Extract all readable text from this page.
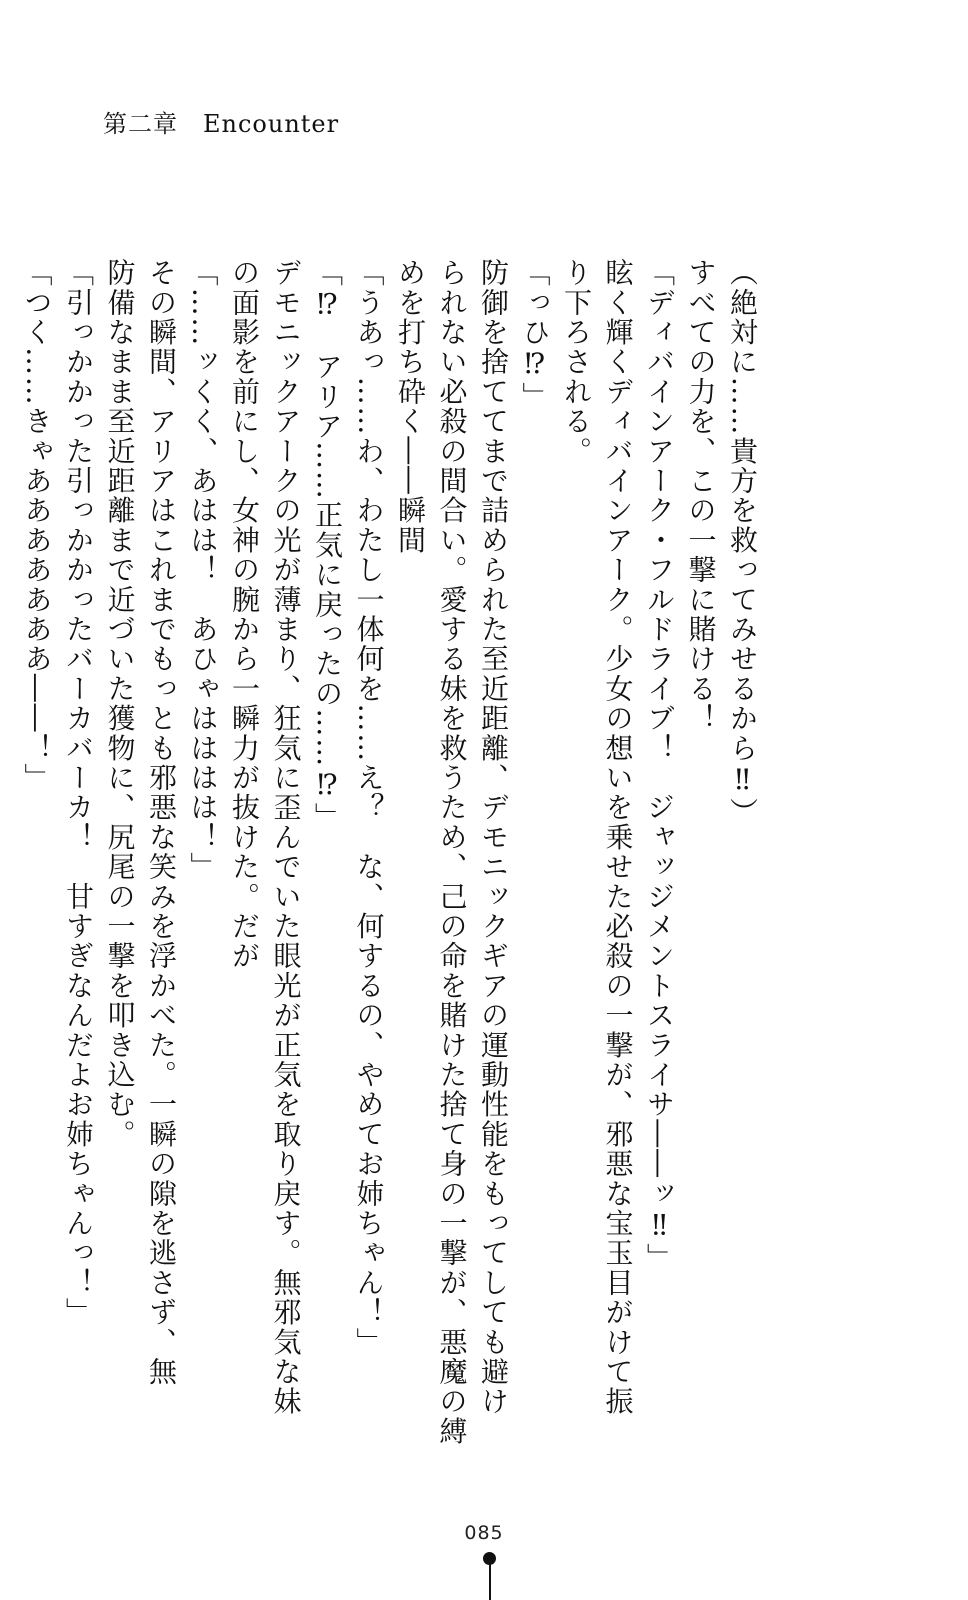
第二章　Encounter
（絶対に……貴方を救ってみせるから‼）
すべての力を、この一撃に賭ける！
「ディバインアーク・フルドライブ！　ジャッジメントスライサ――ッ‼」
眩く輝くディバインアーク。少女の想いを乗せた必殺の一撃が、邪悪な宝玉目がけて振
り下ろされる。
「っひ⁉」
防御を捨ててまで詰められた至近距離、デモニックギアの運動性能をもってしても避け
られない必殺の間合い。愛する妹を救うため、己の命を賭けた捨て身の一撃が、悪魔の縛
めを打ち砕く――瞬間
「うあっ……わ、わたし一体何を……え？　な、何するの、やめてお姉ちゃん！」
「⁉　アリア……正気に戻ったの……⁉」
デモニックアークの光が薄まり、狂気に歪んでいた眼光が正気を取り戻す。無邪気な妹
の面影を前にし、女神の腕から一瞬力が抜けた。だが
「……ッくく、あはは！　あひゃはははは！」
その瞬間、アリアはこれまでもっとも邪悪な笑みを浮かべた。一瞬の隙を逃さず、無
防備なまま至近距離まで近づいた獲物に、尻尾の一撃を叩き込む。
「引っかかった引っかかったバーカバーカ！　甘すぎなんだよお姉ちゃんっ！」
「つく……きゃあああああああ――！」
085
